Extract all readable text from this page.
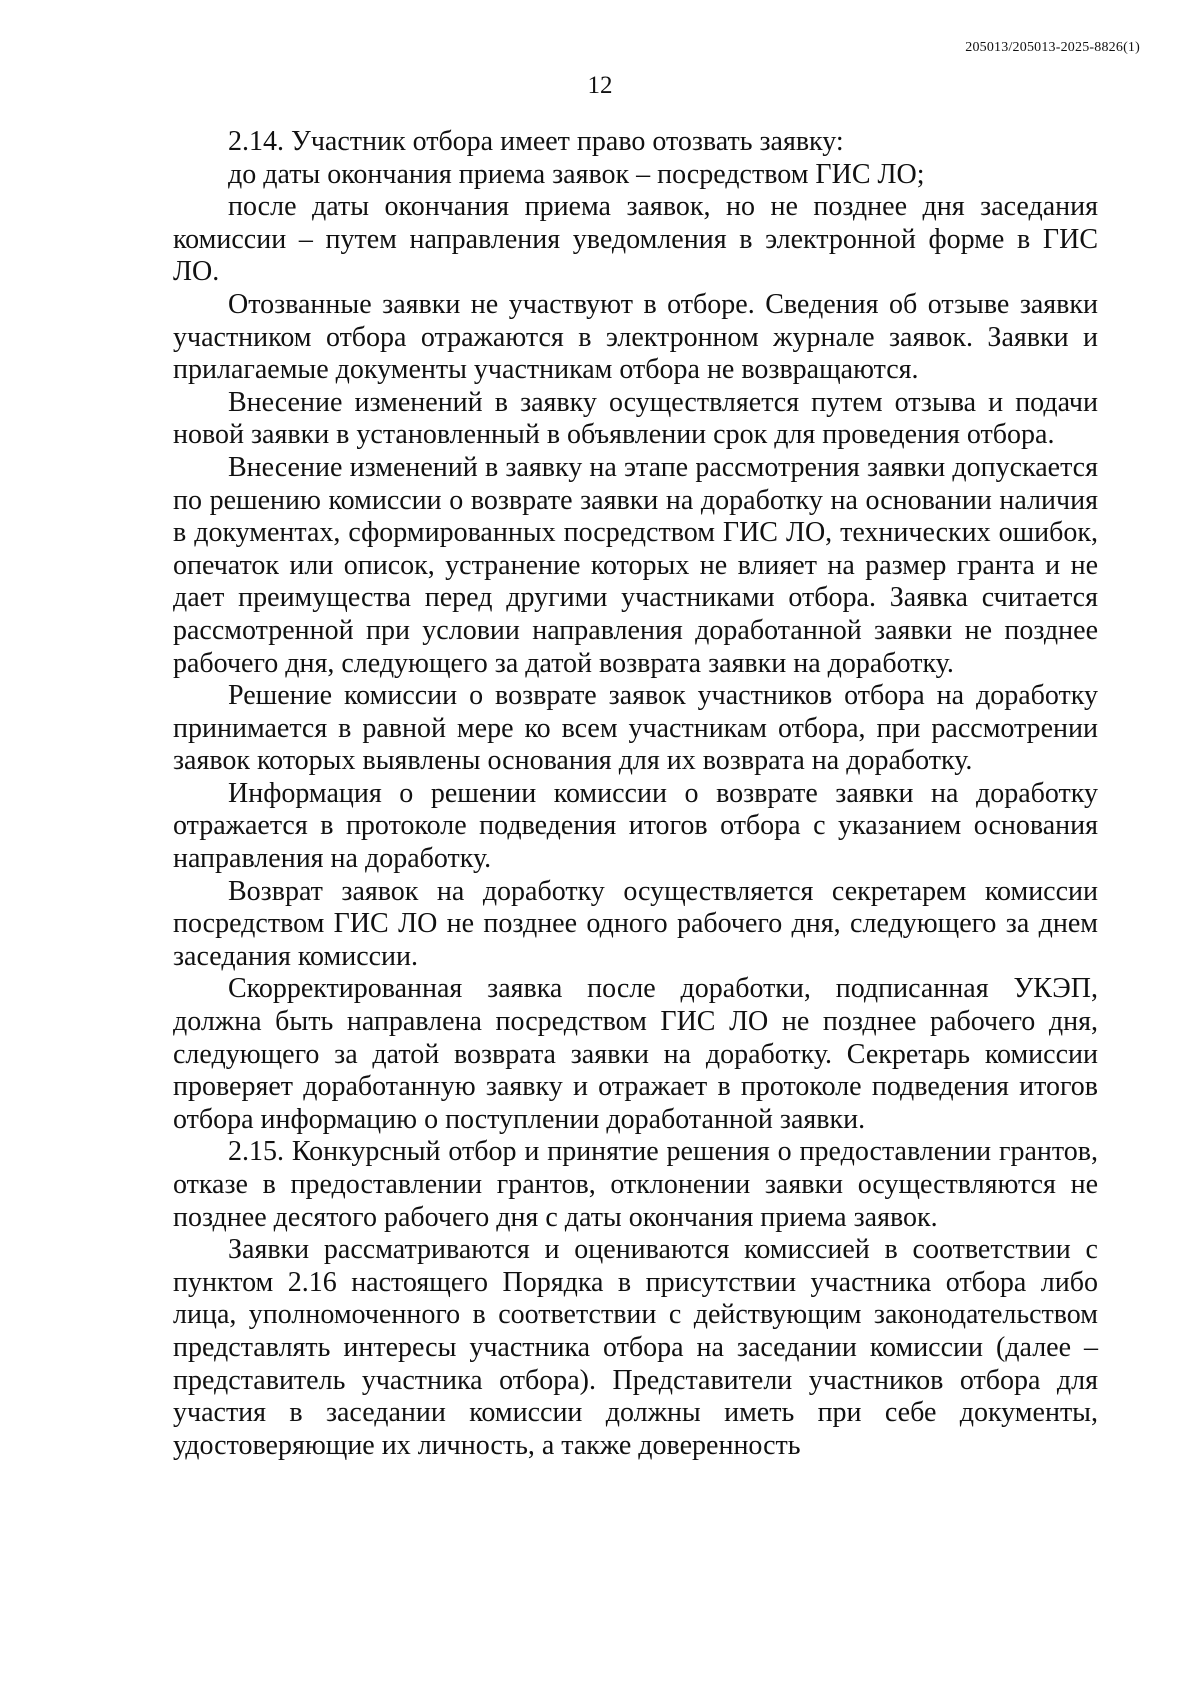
205013/205013-2025-8826(1)
12

2.14. Участник отбора имеет право отозвать заявку:

до даты окончания приема заявок – посредством ГИС ЛО;

после даты окончания приема заявок, но не позднее дня заседания комиссии – путем направления уведомления в электронной форме в ГИС ЛО.

Отозванные заявки не участвуют в отборе. Сведения об отзыве заявки участником отбора отражаются в электронном журнале заявок. Заявки и прилагаемые документы участникам отбора не возвращаются.

Внесение изменений в заявку осуществляется путем отзыва и подачи новой заявки в установленный в объявлении срок для проведения отбора.

Внесение изменений в заявку на этапе рассмотрения заявки допускается по решению комиссии о возврате заявки на доработку на основании наличия в документах, сформированных посредством ГИС ЛО, технических ошибок, опечаток или описок, устранение которых не влияет на размер гранта и не дает преимущества перед другими участниками отбора. Заявка считается рассмотренной при условии направления доработанной заявки не позднее рабочего дня, следующего за датой возврата заявки на доработку.

Решение комиссии о возврате заявок участников отбора на доработку принимается в равной мере ко всем участникам отбора, при рассмотрении заявок которых выявлены основания для их возврата на доработку.

Информация о решении комиссии о возврате заявки на доработку отражается в протоколе подведения итогов отбора с указанием основания направления на доработку.

Возврат заявок на доработку осуществляется секретарем комиссии посредством ГИС ЛО не позднее одного рабочего дня, следующего за днем заседания комиссии.

Скорректированная заявка после доработки, подписанная УКЭП, должна быть направлена посредством ГИС ЛО не позднее рабочего дня, следующего за датой возврата заявки на доработку. Секретарь комиссии проверяет доработанную заявку и отражает в протоколе подведения итогов отбора информацию о поступлении доработанной заявки.

2.15. Конкурсный отбор и принятие решения о предоставлении грантов, отказе в предоставлении грантов, отклонении заявки осуществляются не позднее десятого рабочего дня с даты окончания приема заявок.

Заявки рассматриваются и оцениваются комиссией в соответствии с пунктом 2.16 настоящего Порядка в присутствии участника отбора либо лица, уполномоченного в соответствии с действующим законодательством представлять интересы участника отбора на заседании комиссии (далее – представитель участника отбора). Представители участников отбора для участия в заседании комиссии должны иметь при себе документы, удостоверяющие их личность, а также доверенность
